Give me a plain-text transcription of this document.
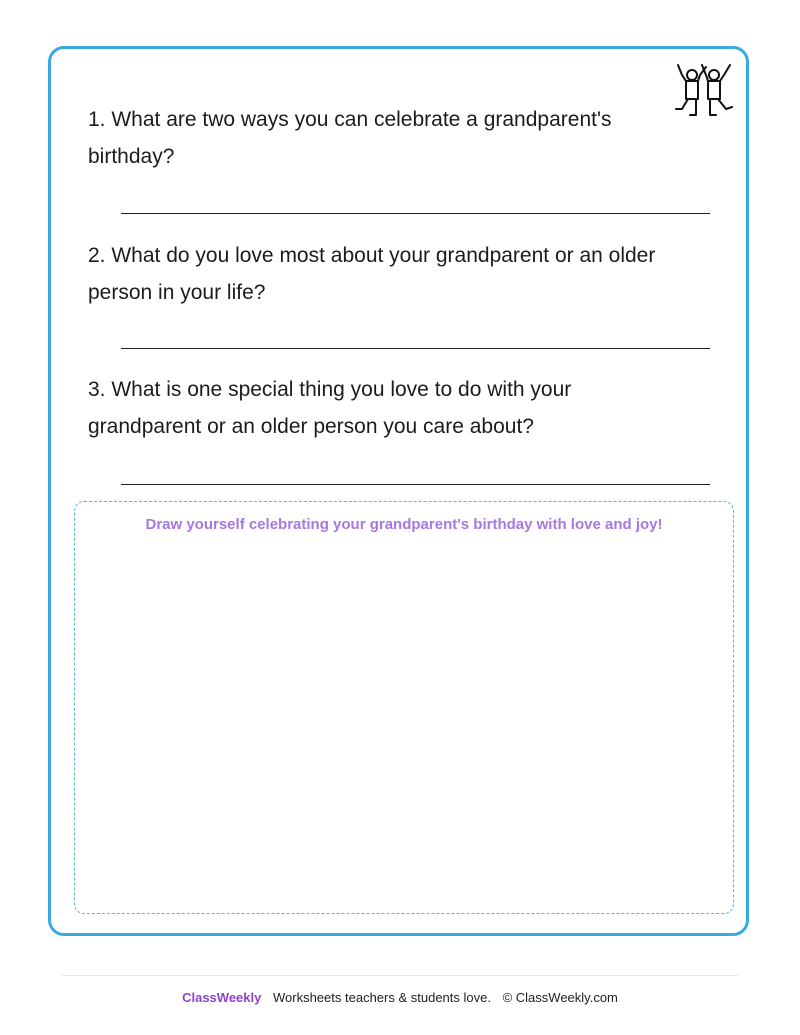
1. What are two ways you can celebrate a grandparent's birthday?

2. What do you love most about your grandparent or an older person in your life?

3. What is one special thing you love to do with your grandparent or an older person you care about?

Draw yourself celebrating your grandparent's birthday with love and joy!

ClassWeekly Worksheets teachers & students love. © ClassWeekly.com
